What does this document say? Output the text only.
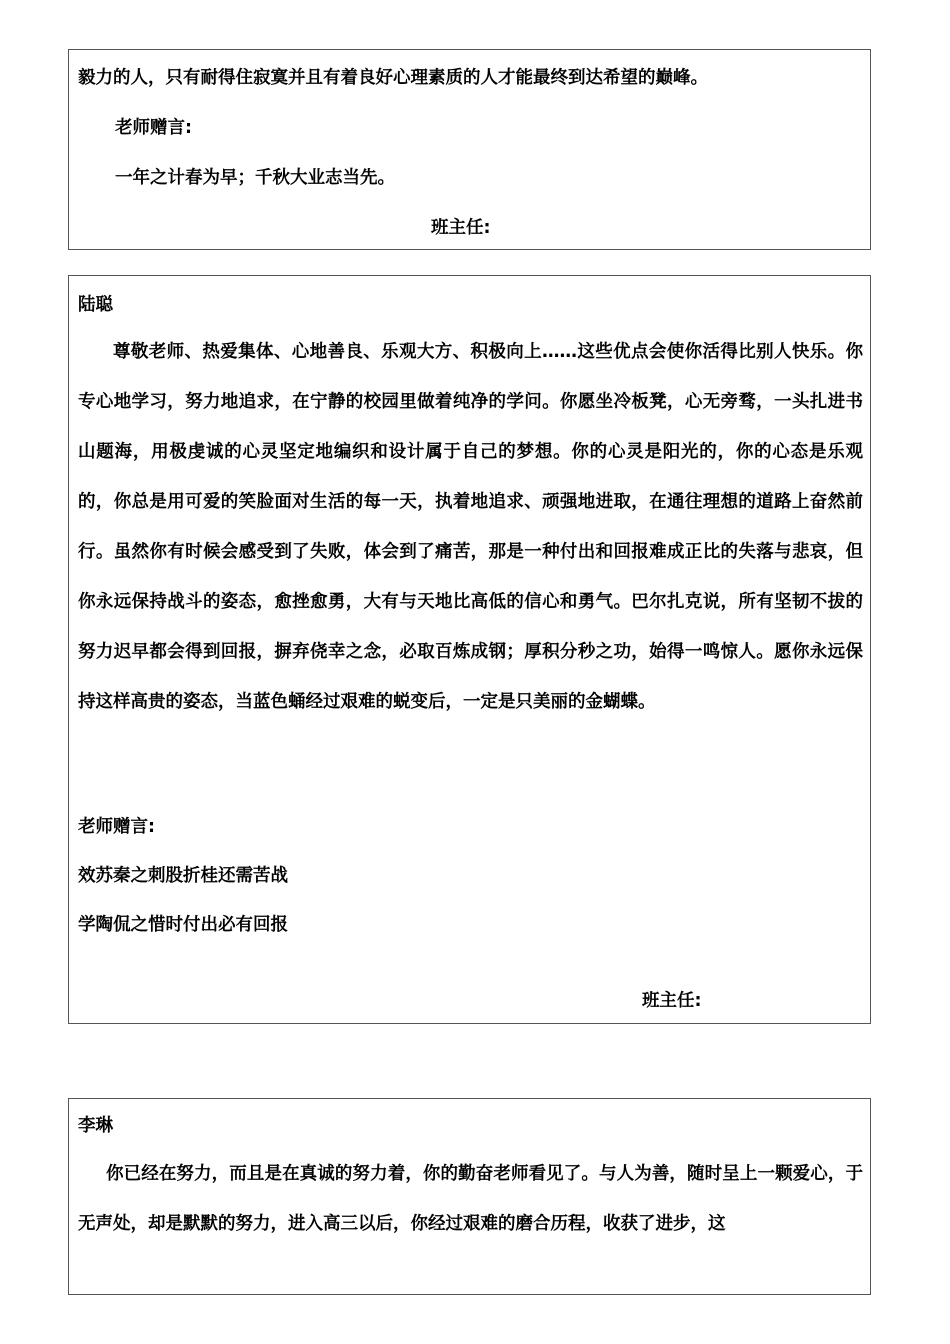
毅力的人，只有耐得住寂寞并且有着良好心理素质的人才能最终到达希望的巅峰。

老师赠言:

一年之计春为早；千秋大业志当先。

班主任:

陆聪

尊敬老师、热爱集体、心地善良、乐观大方、积极向上……这些优点会使你活得比别人快乐。你专心地学习，努力地追求，在宁静的校园里做着纯净的学问。你愿坐冷板凳，心无旁骛，一头扎进书山题海，用极虔诚的心灵坚定地编织和设计属于自己的梦想。你的心灵是阳光的，你的心态是乐观的，你总是用可爱的笑脸面对生活的每一天，执着地追求、顽强地进取，在通往理想的道路上奋然前行。虽然你有时候会感受到了失败，体会到了痛苦，那是一种付出和回报难成正比的失落与悲哀，但你永远保持战斗的姿态，愈挫愈勇，大有与天地比高低的信心和勇气。巴尔扎克说，所有坚韧不拔的努力迟早都会得到回报，摒弃侥幸之念，必取百炼成钢；厚积分秒之功，始得一鸣惊人。愿你永远保持这样高贵的姿态，当蓝色蛹经过艰难的蜕变后，一定是只美丽的金蝴蝶。

老师赠言:

效苏秦之刺股折桂还需苦战

学陶侃之惜时付出必有回报

班主任:

李琳

你已经在努力，而且是在真诚的努力着，你的勤奋老师看见了。与人为善，随时呈上一颗爱心，于无声处，却是默默的努力，进入高三以后，你经过艰难的磨合历程，收获了进步，这
